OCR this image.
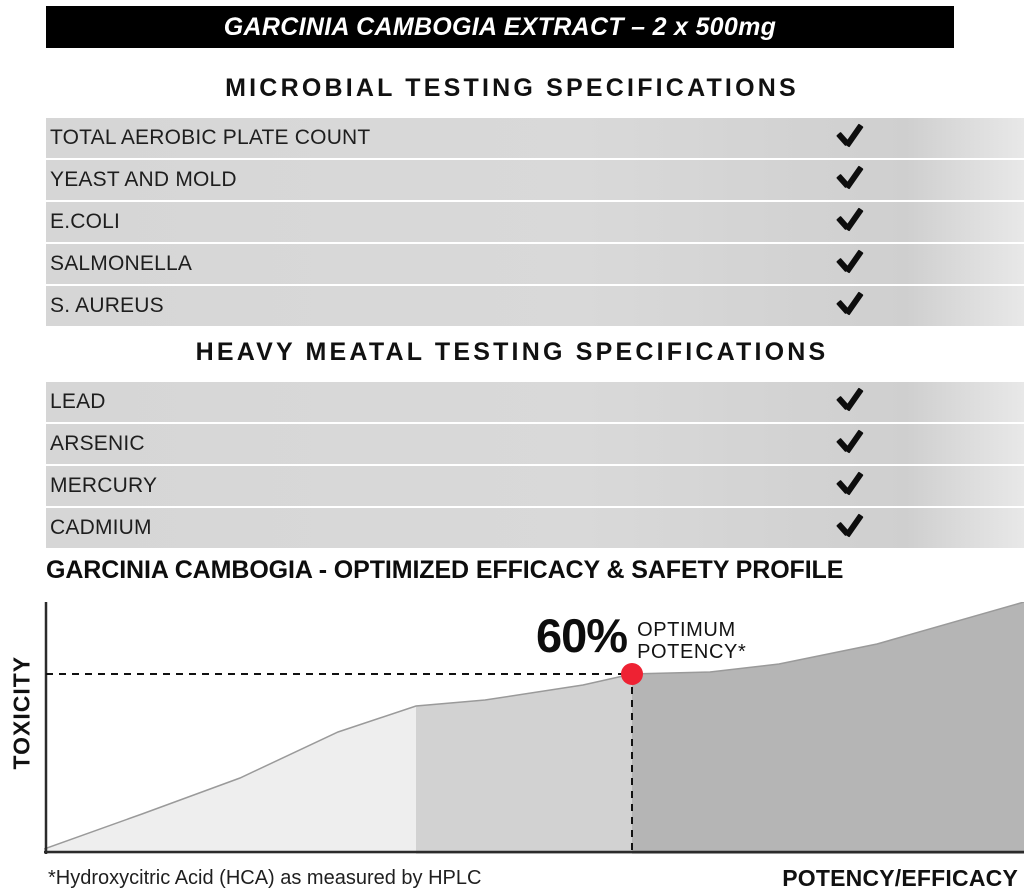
GARCINIA CAMBOGIA EXTRACT – 2 x 500mg
MICROBIAL TESTING SPECIFICATIONS
TOTAL AEROBIC PLATE COUNT
YEAST AND MOLD
E.COLI
SALMONELLA
S. AUREUS
HEAVY MEATAL TESTING SPECIFICATIONS
LEAD
ARSENIC
MERCURY
CADMIUM
GARCINIA CAMBOGIA - OPTIMIZED EFFICACY & SAFETY PROFILE
TOXICITY
60% OPTIMUM
POTENCY*
*Hydroxycitric Acid (HCA) as measured by HPLC	POTENCY/EFFICACY
